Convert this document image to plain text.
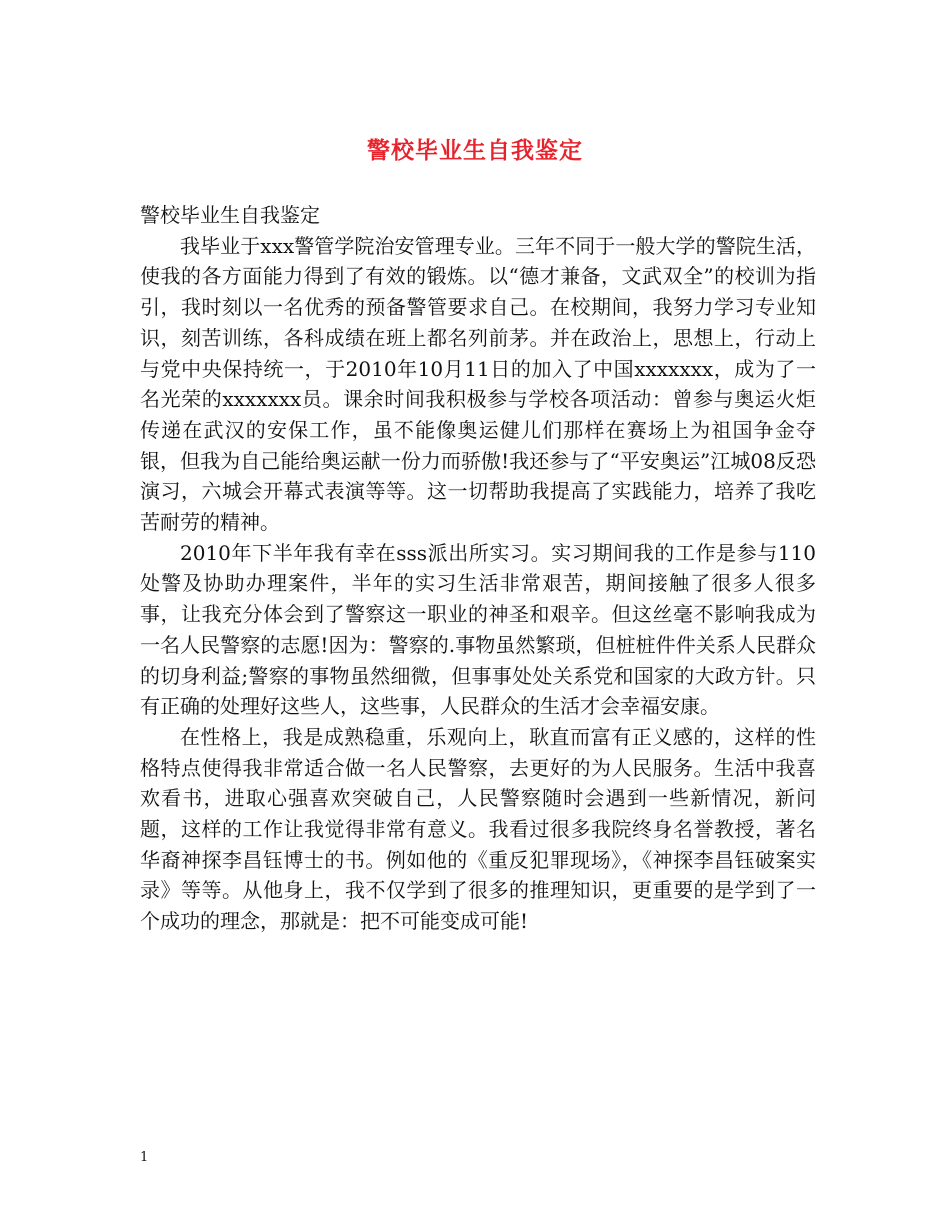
警校毕业生自我鉴定

警校毕业生自我鉴定

我毕业于xxx警管学院治安管理专业。三年不同于一般大学的警院生活，使我的各方面能力得到了有效的锻炼。以“德才兼备，文武双全”的校训为指引，我时刻以一名优秀的预备警管要求自己。在校期间，我努力学习专业知识，刻苦训练，各科成绩在班上都名列前茅。并在政治上，思想上，行动上与党中央保持统一，于2010年10月11日的加入了中国xxxxxxx，成为了一名光荣的xxxxxxx员。课余时间我积极参与学校各项活动：曾参与奥运火炬传递在武汉的安保工作，虽不能像奥运健儿们那样在赛场上为祖国争金夺银，但我为自己能给奥运献一份力而骄傲!我还参与了“平安奥运”江城08反恐演习，六城会开幕式表演等等。这一切帮助我提高了实践能力，培养了我吃苦耐劳的精神。

2010年下半年我有幸在sss派出所实习。实习期间我的工作是参与110处警及协助办理案件，半年的实习生活非常艰苦，期间接触了很多人很多事，让我充分体会到了警察这一职业的神圣和艰辛。但这丝毫不影响我成为一名人民警察的志愿!因为：警察的.事物虽然繁琐，但桩桩件件关系人民群众的切身利益;警察的事物虽然细微，但事事处处关系党和国家的大政方针。只有正确的处理好这些人，这些事，人民群众的生活才会幸福安康。

在性格上，我是成熟稳重，乐观向上，耿直而富有正义感的，这样的性格特点使得我非常适合做一名人民警察，去更好的为人民服务。生活中我喜欢看书，进取心强喜欢突破自己，人民警察随时会遇到一些新情况，新问题，这样的工作让我觉得非常有意义。我看过很多我院终身名誉教授，著名华裔神探李昌钰博士的书。例如他的《重反犯罪现场》，《神探李昌钰破案实录》等等。从他身上，我不仅学到了很多的推理知识，更重要的是学到了一个成功的理念，那就是：把不可能变成可能!

1
